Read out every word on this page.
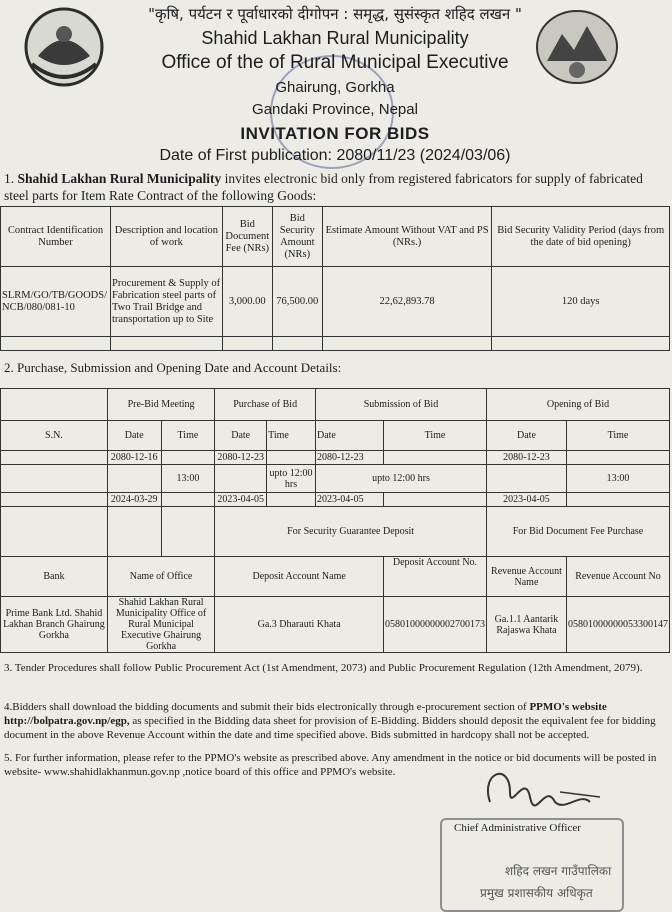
"कृषि, पर्यटन र पूर्वाधारको दीगोपन : समृद्ध, सुसंस्कृत शहिद लखन "
Shahid Lakhan Rural Municipality
Office of the of Rural Municipal Executive
Ghairung, Gorkha
Gandaki Province, Nepal
INVITATION FOR BIDS
Date of First publication: 2080/11/23 (2024/03/06)
1. Shahid Lakhan Rural Municipality invites electronic bid only from registered fabricators for supply of fabricated steel parts for Item Rate Contract of the following Goods:
Contract Identification Number	Description and location of work	Bid Document Fee (NRs)	Bid Security Amount (NRs)	Estimate Amount Without VAT and PS (NRs.)	Bid Security Validity Period (days from the date of bid opening)
SLRM/GO/TB/GOODS/ NCB/080/081-10	Procurement & Supply of Fabrication steel parts of Two Trail Bridge and transportation up to Site	3,000.00	76,500.00	22,62,893.78	120 days

2. Purchase, Submission and Opening Date and Account Details:
	Pre-Bid Meeting		Purchase of Bid		Submission of Bid		Opening of Bid	
S.N.	Date	Time	Date	Time	Date	Time	Date	Time
	2080-12-16		2080-12-23		2080-12-23		2080-12-23	
		13:00		upto 12:00 hrs	upto 12:00 hrs			13:00
	2024-03-29		2023-04-05		2023-04-05		2023-04-05	
			For Security Guarantee Deposit				For Bid Document Fee Purchase	
Bank	Name of Office		Deposit Account Name			Deposit Account No.	Revenue Account Name	Revenue Account No
Prime Bank Ltd. Shahid Lakhan Branch Ghairung Gorkha	Shahid Lakhan Rural Municipality Office of Rural Municipal Executive Ghairung Gorkha		Ga.3 Dharauti Khata			05801000000002700173	Ga.1.1 Aantarik Rajaswa Khata	05801000000053300147
3. Tender Procedures shall follow Public Procurement Act (1st Amendment, 2073) and Public Procurement Regulation (12th Amendment, 2079).
4.Bidders shall download the bidding documents and submit their bids electronically through e-procurement section of PPMO's website http://bolpatra.gov.np/egp, as specified in the Bidding data sheet for provision of E-Bidding. Bidders should deposit the equivalent fee for bidding document in the above Revenue Account within the date and time specified above. Bids submitted in hardcopy shall not be accepted.
5. For further information, please refer to the PPMO's website as prescribed above. Any amendment in the notice or bid documents will be posted in website- www.shahidlakhanmun.gov.np ,notice board of this office and PPMO's website.
Chief Administrative Officer
शहिद लखन गाउँपालिका
प्रमुख प्रशासकीय अधिकृत
